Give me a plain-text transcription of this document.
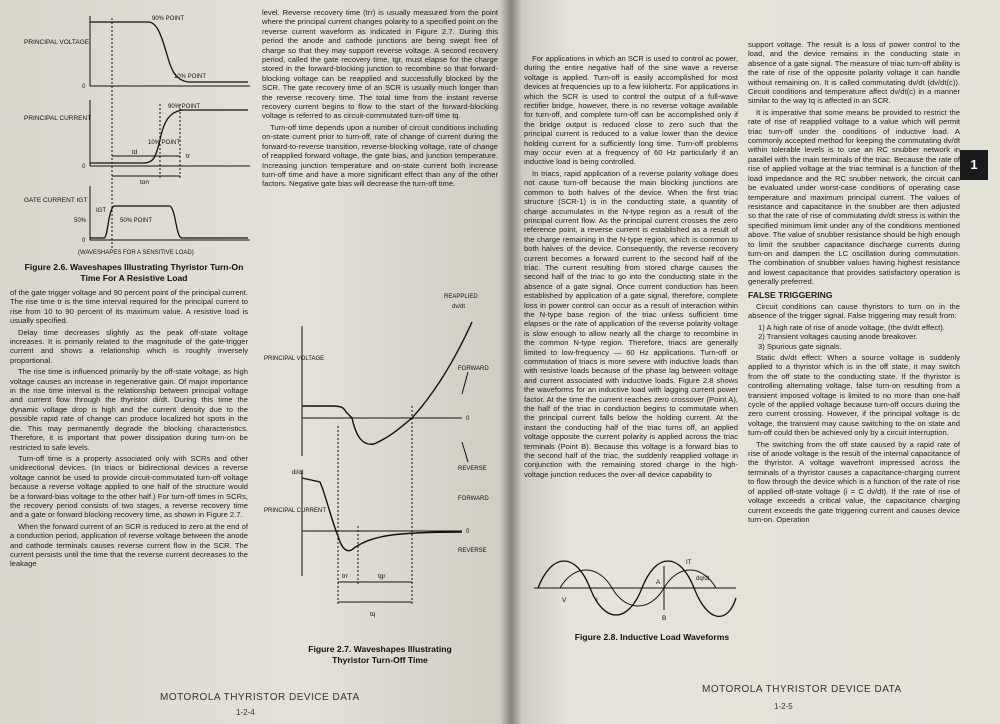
PRINCIPAL VOLTAGE
PRINCIPAL CURRENT
GATE CURRENT IGT
90% POINT
10% POINT
90% POINT
10% POINT
50% POINT
IGT
50%
0
0
0
td
tr
ton
(WAVESHAPES FOR A SENSITIVE LOAD)
Figure 2.6. Waveshapes Illustrating Thyristor Turn-On Time For A Resistive Load

of the gate trigger voltage and 90 percent point of the principal current. The rise time tr is the time interval required for the principal current to rise from 10 to 90 percent of its maximum value. A resistive load is usually specified.

Delay time decreases slightly as the peak off-state voltage increases. It is primarily related to the magnitude of the gate-trigger current and shows a relationship which is roughly inversely proportional.

The rise time is influenced primarily by the off-state voltage, as high voltage causes an increase in regenerative gain. Of major importance in the rise time interval is the relationship between principal voltage and current flow through the thyristor di/dt. During this time the dynamic voltage drop is high and the current density due to the possible rapid rate of change can produce localized hot spots in the die. This may permanently degrade the blocking characteristics. Therefore, it is important that power dissipation during turn-on be restricted to safe levels.

Turn-off time is a property associated only with SCRs and other unidirectional devices. (In triacs or bidirectional devices a reverse voltage cannot be used to provide circuit-commutated turn-off voltage because a reverse voltage applied to one half of the structure would be a forward-bias voltage to the other half.) For turn-off times in SCRs, the recovery period consists of two stages, a reverse recovery time and a gate or forward blocking recovery time, as shown in Figure 2.7.

When the forward current of an SCR is reduced to zero at the end of a conduction period, application of reverse voltage between the anode and cathode terminals causes reverse current flow in the SCR. The current persists until the time that the reverse current decreases to the leakage

level. Reverse recovery time (trr) is usually measured from the point where the principal current changes polarity to a specified point on the reverse current waveform as indicated in Figure 2.7. During this period the anode and cathode junctions are being swept free of charge so that they may support reverse voltage. A second recovery period, called the gate recovery time, tgr, must elapse for the charge stored in the forward-blocking junction to recombine so that forward-blocking voltage can be reapplied and successfully blocked by the SCR. The gate recovery time of an SCR is usually much longer than the reverse recovery time. The total time from the instant reverse recovery current begins to flow to the start of the forward-blocking voltage is referred to as circuit-commutated turn-off time tq.

Turn-off time depends upon a number of circuit conditions including on-state current prior to turn-off, rate of change of current during the forward-to-reverse transition, reverse-blocking voltage, rate of change of reapplied forward voltage, the gate bias, and junction temperature. Increasing junction temperature and on-state current both increase turn-off time and have a more significant effect than any of the other factors. Negative gate bias will decrease the turn-off time.

REAPPLIED
dv/dt
PRINCIPAL VOLTAGE
FORWARD
REVERSE
0
di/dt
PRINCIPAL CURRENT
FORWARD
0
REVERSE
trr	tgr
tq
Figure 2.7. Waveshapes Illustrating Thyristor Turn-Off Time
MOTOROLA THYRISTOR DEVICE DATA
1-2-4

For applications in which an SCR is used to control ac power, during the entire negative half of the sine wave a reverse voltage is applied. Turn-off is easily accomplished for most devices at frequencies up to a few kilohertz. For applications in which the SCR is used to control the output of a full-wave rectifier bridge, however, there is no reverse voltage available for turn-off, and complete turn-off can be accomplished only if the bridge output is reduced close to zero such that the principal current is reduced to a value lower than the device holding current for a sufficiently long time. Turn-off problems may occur even at a frequency of 60 Hz particularly if an inductive load is being controlled.

In triacs, rapid application of a reverse polarity voltage does not cause turn-off because the main blocking junctions are common to both halves of the device. When the first triac structure (SCR-1) is in the conducting state, a quantity of charge accumulates in the N-type region as a result of the principal current flow. As the principal current crosses the zero reference point, a reverse current is established as a result of the charge remaining in the N-type region, which is common to both halves of the device. Consequently, the reverse recovery current becomes a forward current to the second half of the triac. The current resulting from stored charge causes the second half of the triac to go into the conducting state in the absence of a gate signal. Once current conduction has been established by application of a gate signal, therefore, complete loss in power control can occur as a result of interaction within the N-type base region of the triac unless sufficient time elapses or the rate of application of the reverse polarity voltage is slow enough to allow nearly all the charge to recombine in the common N-type region. Therefore, triacs are generally limited to low-frequency — 60 Hz applications. Turn-off or commutation of triacs is more severe with inductive loads than with resistive loads because of the phase lag between voltage and current associated with inductive loads. Figure 2.8 shows the waveforms for an inductive load with lagging current power factor. At the time the current reaches zero crossover (Point A), the half of the triac in conduction begins to commutate when the principal current falls below the holding current. At the instant the conducting half of the triac turns off, an applied voltage opposite the current polarity is applied across the triac terminals (Point B). Because this voltage is a forward bias to the second half of the triac, the suddenly reapplied voltage in conjunction with the remaining stored charge in the high-voltage junction reduces the over-all device capability to

V	I
A
B
IT
dq/dt
Figure 2.8. Inductive Load Waveforms

support voltage. The result is a loss of power control to the load, and the device remains in the conducting state in absence of a gate signal. The measure of triac turn-off ability is the rate of rise of the opposite polarity voltage it can handle without remaining on. It is called commutating dv/dt (dv/dt(c)). Circuit conditions and temperature affect dv/dt(c) in a manner similar to the way tq is affected in an SCR.

It is imperative that some means be provided to restrict the rate of rise of reapplied voltage to a value which will permit triac turn-off under the conditions of inductive load. A commonly accepted method for keeping the commutating dv/dt within tolerable levels is to use an RC snubber network in parallel with the main terminals of the triac. Because the rate of rise of applied voltage at the triac terminal is a function of the load impedance and the RC snubber network, the circuit can be evaluated under worst-case conditions of operating case temperature and maximum principal current. The values of resistance and capacitance in the snubber are then adjusted so that the rate of rise of commutating dv/dt stress is within the specified minimum limit under any of the conditions mentioned above. The value of snubber resistance should be high enough to limit the snubber capacitance discharge currents during turn-on and dampen the LC oscillation during commutation. The combination of snubber values having highest resistance and lowest capacitance that provides satisfactory operation is generally preferred.

FALSE TRIGGERING

Circuit conditions can cause thyristors to turn on in the absence of the trigger signal. False triggering may result from:

1) A high rate of rise of anode voltage, (the dv/dt effect).
2) Transient voltages causing anode breakover.
3) Spurious gate signals.

Static dv/dt effect: When a source voltage is suddenly applied to a thyristor which is in the off state, it may switch from the off state to the conducting state. If the thyristor is controlling alternating voltage, false turn-on resulting from a transient imposed voltage is limited to no more than one-half cycle of the applied voltage because turn-off occurs during the zero current crossing. However, if the principal voltage is dc voltage, the transient may cause switching to the on state and turn-off could then be achieved only by a circuit interruption.

The switching from the off state caused by a rapid rate of rise of anode voltage is the result of the internal capacitance of the thyristor. A voltage wavefront impressed across the terminals of a thyristor causes a capacitance-charging current to flow through the device which is a function of the rate of rise of applied off-state voltage (i = C dv/dt). If the rate of rise of voltage exceeds a critical value, the capacitance charging current exceeds the gate triggering current and causes device turn-on. Operation

MOTOROLA THYRISTOR DEVICE DATA
1-2-5
1
